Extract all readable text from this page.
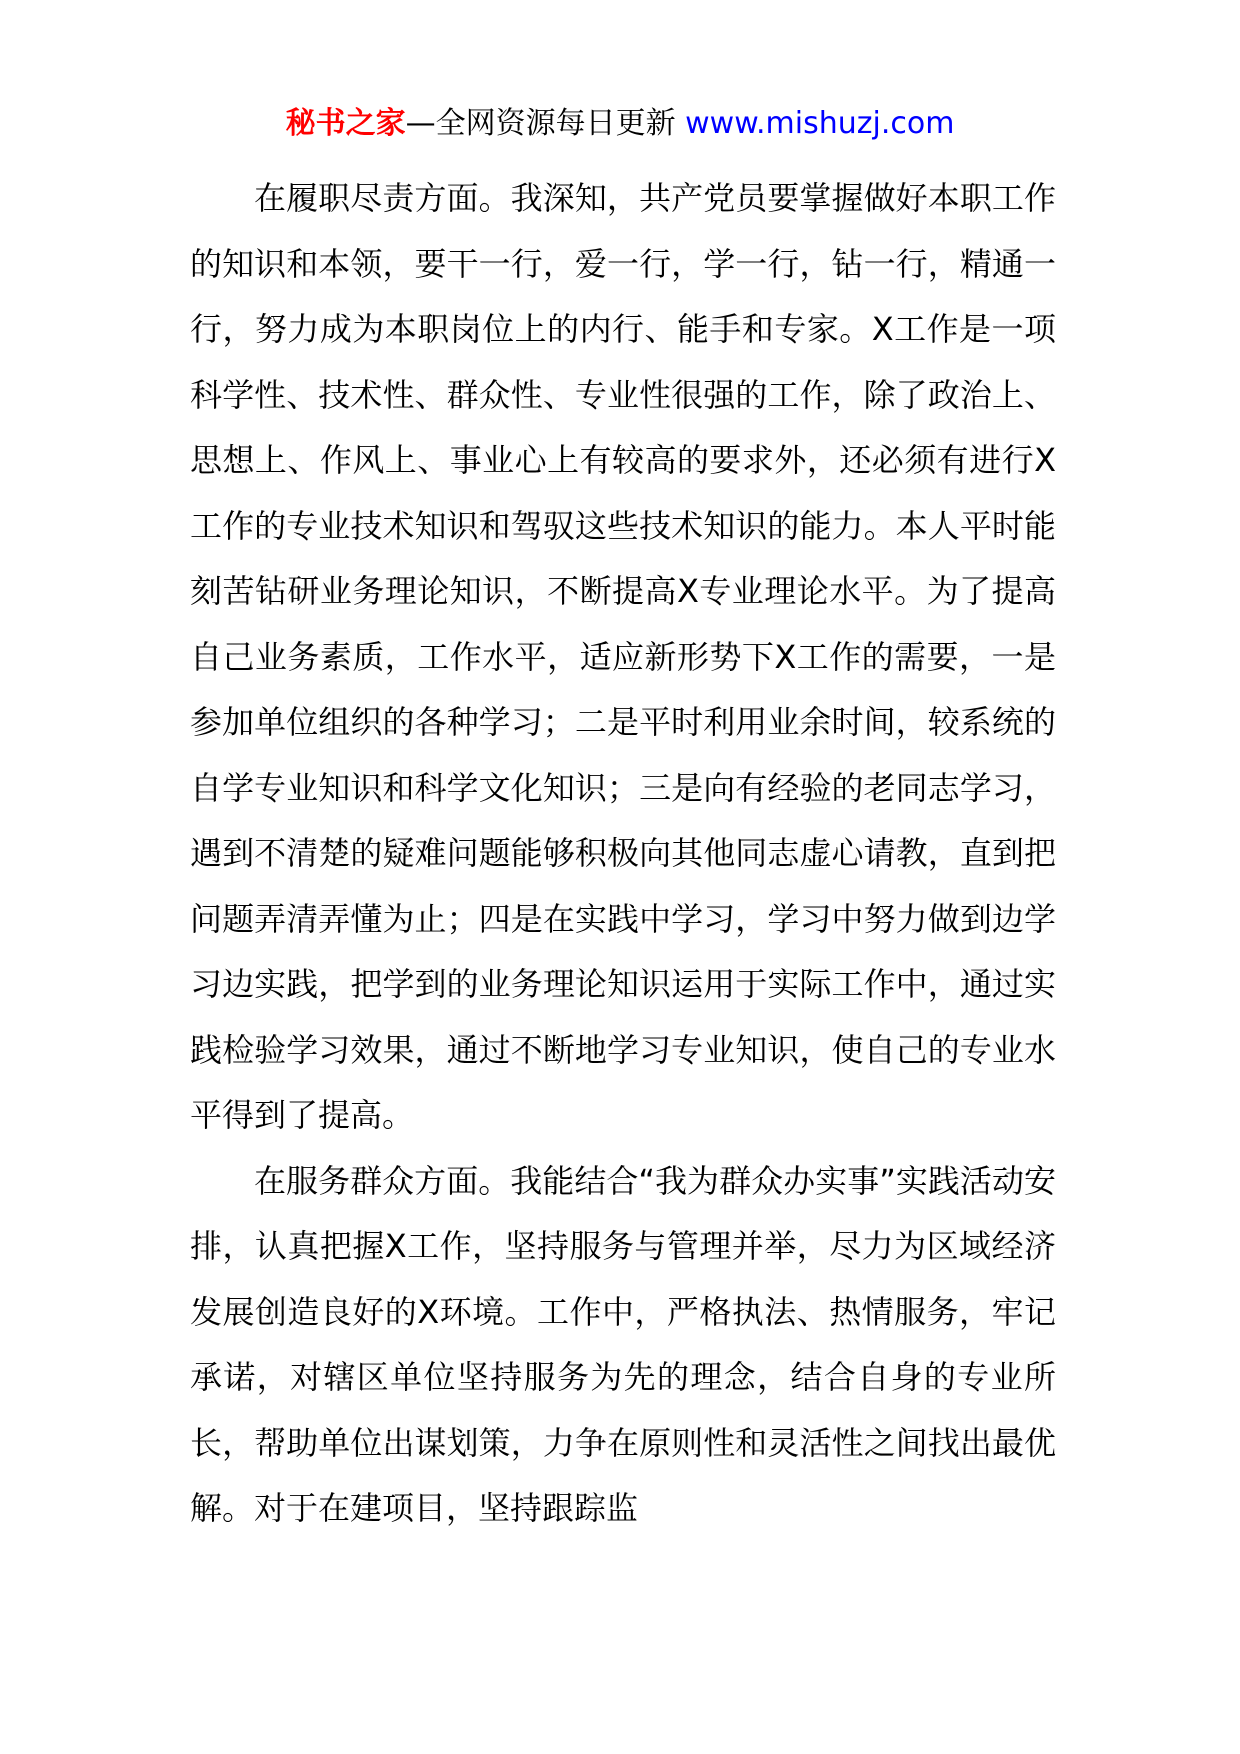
秘书之家—全网资源每日更新 www.mishuzj.com

在履职尽责方面。我深知，共产党员要掌握做好本职工作的知识和本领，要干一行，爱一行，学一行，钻一行，精通一行，努力成为本职岗位上的内行、能手和专家。X工作是一项科学性、技术性、群众性、专业性很强的工作，除了政治上、思想上、作风上、事业心上有较高的要求外，还必须有进行X工作的专业技术知识和驾驭这些技术知识的能力。本人平时能刻苦钻研业务理论知识，不断提高X专业理论水平。为了提高自己业务素质，工作水平，适应新形势下X工作的需要，一是参加单位组织的各种学习；二是平时利用业余时间，较系统的自学专业知识和科学文化知识；三是向有经验的老同志学习，遇到不清楚的疑难问题能够积极向其他同志虚心请教，直到把问题弄清弄懂为止；四是在实践中学习，学习中努力做到边学习边实践，把学到的业务理论知识运用于实际工作中，通过实践检验学习效果，通过不断地学习专业知识，使自己的专业水平得到了提高。

在服务群众方面。我能结合“我为群众办实事”实践活动安排，认真把握X工作，坚持服务与管理并举，尽力为区域经济发展创造良好的X环境。工作中，严格执法、热情服务，牢记承诺，对辖区单位坚持服务为先的理念，结合自身的专业所长，帮助单位出谋划策，力争在原则性和灵活性之间找出最优解。对于在建项目，坚持跟踪监
